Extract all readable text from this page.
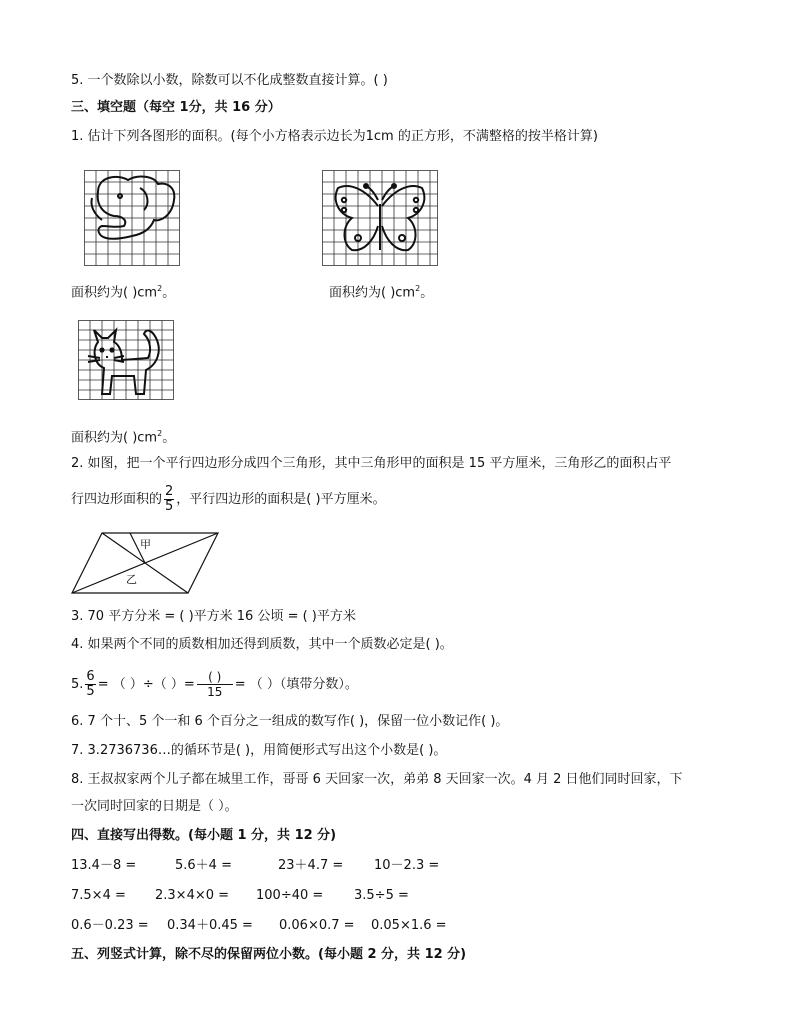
5. 一个数除以小数，除数可以不化成整数直接计算。( )
三、填空题（每空 1分，共 16 分）
1. 估计下列各图形的面积。(每个小方格表示边长为1cm 的正方形，不满整格的按半格计算)
面积约为( )$cm^2$。	面积约为( )$cm^2$。
面积约为( )$cm^2$。
2. 如图，把一个平行四边形分成四个三角形，其中三角形甲的面积是 15 平方厘米，三角形乙的面积占平
行四边形面积的 $\frac{2}{5}$ ，平行四边形的面积是( )平方厘米。
甲
乙
3. 70 平方分米 = ( )平方米 16 公顷 = ( )平方米
4. 如果两个不同的质数相加还得到质数，其中一个质数必定是( )。
5. $\frac{6}{5}$ = （ ）÷（ ）= $\frac{( )}{15}$ = （ ）（填带分数）。
6. 7 个十、5 个一和 6 个百分之一组成的数写作( )，保留一位小数记作( )。
7. 3.2736736…的循环节是( )，用简便形式写出这个小数是( )。
8. 王叔叔家两个儿子都在城里工作，哥哥 6 天回家一次，弟弟 8 天回家一次。4 月 2 日他们同时回家，下
一次同时回家的日期是（ ）。
四、直接写出得数。(每小题 1 分，共 12 分)
13.4－8 =	5.6＋4 =	23＋4.7 = 10－2.3 =
7.5×4 = 2.3×4×0 = 100÷40 = 3.5÷5 =
0.6－0.23 = 0.34＋0.45 = 0.06×0.7 = 0.05×1.6 =
五、列竖式计算，除不尽的保留两位小数。(每小题 2 分，共 12 分)
